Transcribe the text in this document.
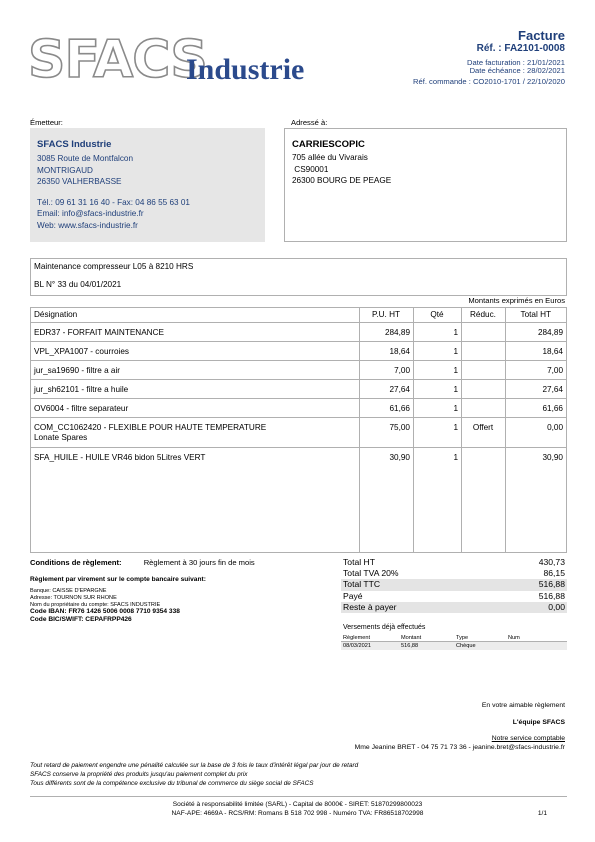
SFACS
Industrie
Facture
Réf. : FA2101-0008
Date facturation : 21/01/2021
Date échéance : 28/02/2021
Réf. commande : CO2010-1701 / 22/10/2020
Émetteur:	Adressé à:
SFACS Industrie
3085 Route de Montfalcon
MONTRIGAUD
26350 VALHERBASSE
Tél.: 09 61 31 16 40 - Fax: 04 86 55 63 01
Email: info@sfacs-industrie.fr
Web: www.sfacs-industrie.fr
CARRIESCOPIC
705 allée du Vivarais
CS90001
26300 BOURG DE PEAGE
Maintenance compresseur L05 à 8210 HRS
BL N° 33 du 04/01/2021
Montants exprimés en Euros
Désignation	P.U. HT	Qté	Réduc.	Total HT
EDR37 - FORFAIT MAINTENANCE	284,89	1		284,89
VPL_XPA1007 - courroies	18,64	1		18,64
jur_sa19690 - filtre a air	7,00	1		7,00
jur_sh62101 - filtre a huile	27,64	1		27,64
OV6004 - filtre separateur	61,66	1		61,66

COM_CC1062420 - FLEXIBLE POUR HAUTE TEMPERATURE
Lonate Spares	75,00	1	Offert	0,00
SFA_HUILE - HUILE VR46 bidon 5Litres VERT	30,90	1		30,90
Conditions de règlement:	Règlement à 30 jours fin de mois
Règlement par virement sur le compte bancaire suivant:
Banque: CAISSE D'EPARGNE
Adresse: TOURNON SUR RHONE
Nom du propriétaire du compte: SFACS INDUSTRIE
Code IBAN: FR76 1426 5006 0008 7710 9354 338
Code BIC/SWIFT: CEPAFRPP426
Total HT	430,73
Total TVA 20%	86,15
Total TTC	516,88
Payé	516,88
Reste à payer	0,00
Versements déjà effectués
Règlement	Montant	Type	Num
08/03/2021	516,88	Chèque
En votre aimable règlement
L'équipe SFACS
Notre service comptable
Mme Jeanine BRET - 04 75 71 73 36 - jeanine.bret@sfacs-industrie.fr
Tout retard de paiement engendre une pénalité calculée sur la base de 3 fois le taux d'intérêt légal par jour de retard
SFACS conserve la propriété des produits jusqu'au paiement complet du prix
Tous différents sont de la compétence exclusive du tribunal de commerce du siège social de SFACS
Société à responsabilité limitée (SARL) - Capital de 8000€ - SIRET: 51870299800023
NAF-APE: 4669A - RCS/RM: Romans B 518 702 998 - Numéro TVA: FR86518702998	1/1
